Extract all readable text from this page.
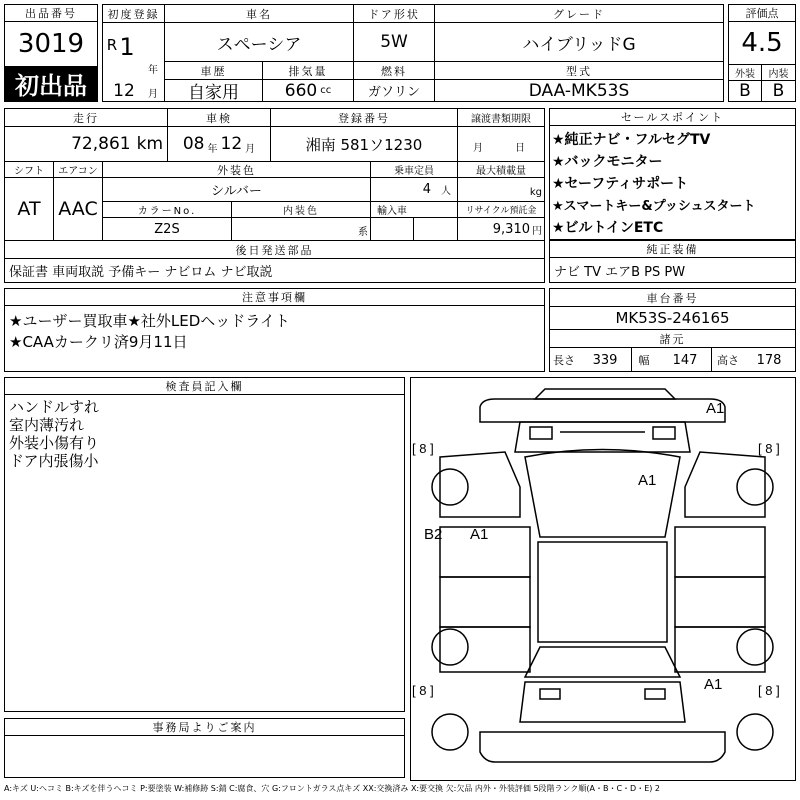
出品番号
3019
初出品
初度登録
R 1
年
12	月
車名
スペーシア
ドア形状
5W
グレード
ハイブリッドG
車歴
自家用
排気量
660 cc
燃料
ガソリン
型式
DAA-MK53S
評価点
4.5
外装	内装
B	B
走行
72,861 km
車検
08 年 12 月
登録番号
湘南 581ソ1230
譲渡書類期限
月	日
シフト
AT
エアコン
AAC
外装色
シルバー
乗車定員
4 人
最大積載量
kg
カラーNo.
Z2S
内装色
系
輸入車	リサイクル預託金
9,310 円
後日発送部品
保証書 車両取説 予備キー ナビロム ナビ取説
セールスポイント
★純正ナビ・フルセグTV
★バックモニター
★セーフティサポート
★スマートキー&プッシュスタート
★ビルトインETC
純正装備
ナビ TV エアB PS PW
注意事項欄
★ユーザー買取車★社外LEDヘッドライト
★CAAカークリ済9月11日
車台番号
MK53S-246165
諸元
長さ	339	幅	147	高さ	178
検査員記入欄
ハンドルすれ
室内薄汚れ
外装小傷有り
ドア内張傷小
事務局よりご案内
A1
A1
B2 A1
A1
[ 8 ]	[ 8 ]
[ 8 ]	[ 8 ]
A:キズ U:ヘコミ B:キズを伴うヘコミ P:要塗装 W:補修跡 S:錆 C:腐食、穴 G:フロントガラス点キズ XX:交換済み X:要交換 欠:欠品 内外・外装評価 5段階ランク順(A・B・C・D・E) 2
